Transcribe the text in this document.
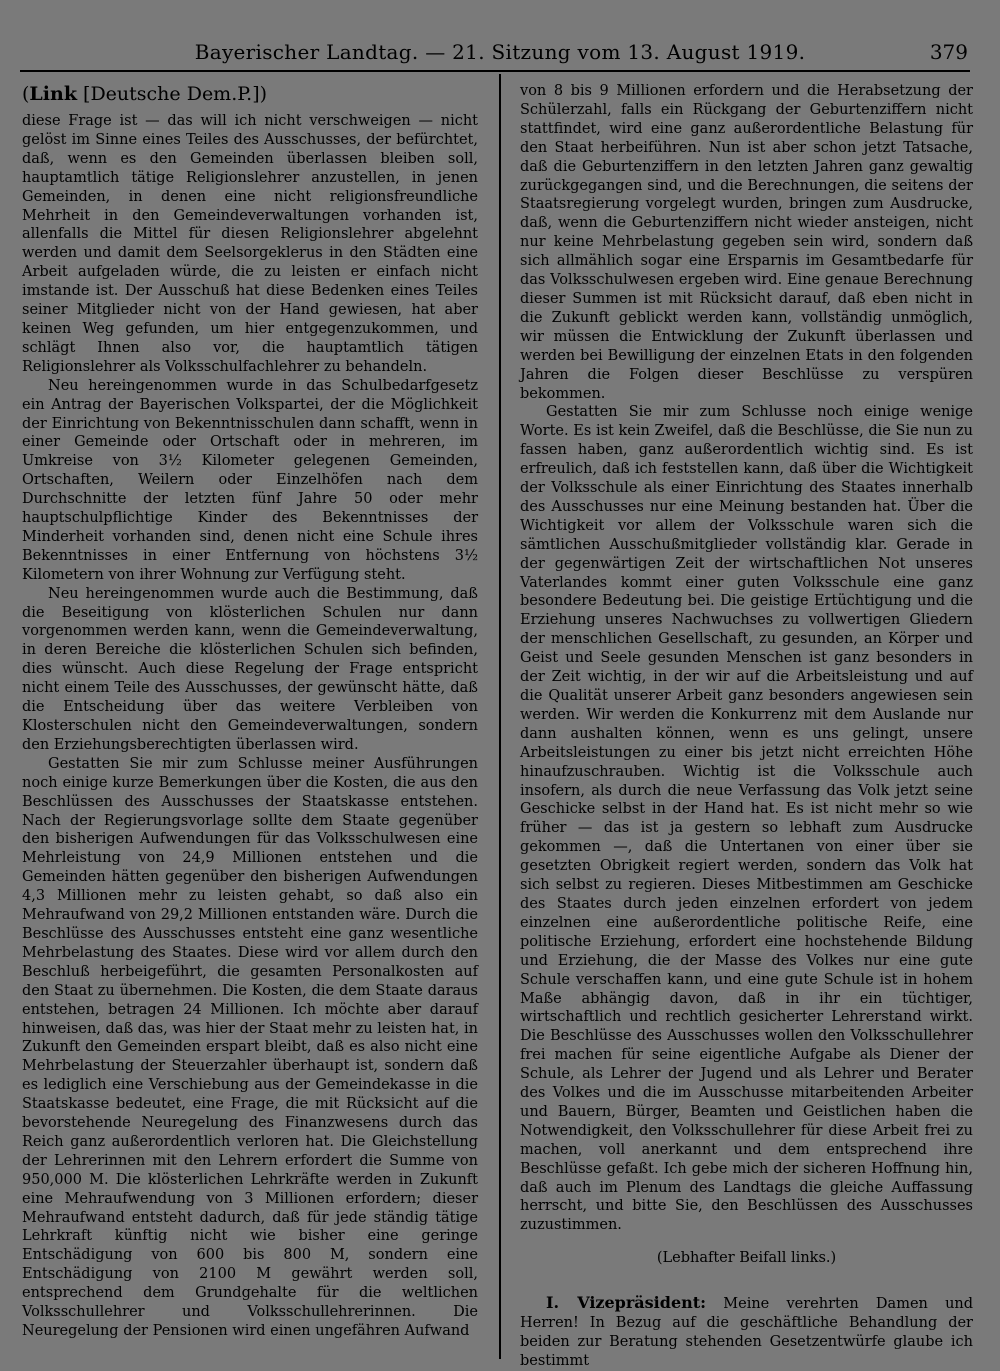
Bayerischer Landtag. — 21. Sitzung vom 13. August 1919.	379
(Link [Deutsche Dem.P.])

diese Frage ist — das will ich nicht verschweigen — nicht gelöst im Sinne eines Teiles des Ausschusses, der befürchtet, daß, wenn es den Gemeinden überlassen bleiben soll, hauptamtlich tätige Religionslehrer anzustellen, in jenen Gemeinden, in denen eine nicht religionsfreundliche Mehrheit in den Gemeindeverwaltungen vorhanden ist, allenfalls die Mittel für diesen Religionslehrer abgelehnt werden und damit dem Seelsorgeklerus in den Städten eine Arbeit aufgeladen würde, die zu leisten er einfach nicht imstande ist. Der Ausschuß hat diese Bedenken eines Teiles seiner Mitglieder nicht von der Hand gewiesen, hat aber keinen Weg gefunden, um hier entgegenzukommen, und schlägt Ihnen also vor, die hauptamtlich tätigen Religionslehrer als Volksschulfachlehrer zu behandeln.

Neu hereingenommen wurde in das Schulbedarfgesetz ein Antrag der Bayerischen Volkspartei, der die Möglichkeit der Einrichtung von Bekenntnisschulen dann schafft, wenn in einer Gemeinde oder Ortschaft oder in mehreren, im Umkreise von 3½ Kilometer gelegenen Gemeinden, Ortschaften, Weilern oder Einzelhöfen nach dem Durchschnitte der letzten fünf Jahre 50 oder mehr hauptschulpflichtige Kinder des Bekenntnisses der Minderheit vorhanden sind, denen nicht eine Schule ihres Bekenntnisses in einer Entfernung von höchstens 3½ Kilometern von ihrer Wohnung zur Verfügung steht.

Neu hereingenommen wurde auch die Bestimmung, daß die Beseitigung von klösterlichen Schulen nur dann vorgenommen werden kann, wenn die Gemeindeverwaltung, in deren Bereiche die klösterlichen Schulen sich befinden, dies wünscht. Auch diese Regelung der Frage entspricht nicht einem Teile des Ausschusses, der gewünscht hätte, daß die Entscheidung über das weitere Verbleiben von Klosterschulen nicht den Gemeindeverwaltungen, sondern den Erziehungsberechtigten überlassen wird.

Gestatten Sie mir zum Schlusse meiner Ausführungen noch einige kurze Bemerkungen über die Kosten, die aus den Beschlüssen des Ausschusses der Staatskasse entstehen. Nach der Regierungsvorlage sollte dem Staate gegenüber den bisherigen Aufwendungen für das Volksschulwesen eine Mehrleistung von 24,9 Millionen entstehen und die Gemeinden hätten gegenüber den bisherigen Aufwendungen 4,3 Millionen mehr zu leisten gehabt, so daß also ein Mehraufwand von 29,2 Millionen entstanden wäre. Durch die Beschlüsse des Ausschusses entsteht eine ganz wesentliche Mehrbelastung des Staates. Diese wird vor allem durch den Beschluß herbeigeführt, die gesamten Personalkosten auf den Staat zu übernehmen. Die Kosten, die dem Staate daraus entstehen, betragen 24 Millionen. Ich möchte aber darauf hinweisen, daß das, was hier der Staat mehr zu leisten hat, in Zukunft den Gemeinden erspart bleibt, daß es also nicht eine Mehrbelastung der Steuerzahler überhaupt ist, sondern daß es lediglich eine Verschiebung aus der Gemeindekasse in die Staatskasse bedeutet, eine Frage, die mit Rücksicht auf die bevorstehende Neuregelung des Finanzwesens durch das Reich ganz außerordentlich verloren hat. Die Gleichstellung der Lehrerinnen mit den Lehrern erfordert die Summe von 950,000 M. Die klösterlichen Lehrkräfte werden in Zukunft eine Mehraufwendung von 3 Millionen erfordern; dieser Mehraufwand entsteht dadurch, daß für jede ständig tätige Lehrkraft künftig nicht wie bisher eine geringe Entschädigung von 600 bis 800 M, sondern eine Entschädigung von 2100 M gewährt werden soll, entsprechend dem Grundgehalte für die weltlichen Volksschullehrer und Volksschullehrerinnen. Die Neuregelung der Pensionen wird einen ungefähren Aufwand

von 8 bis 9 Millionen erfordern und die Herabsetzung der Schülerzahl, falls ein Rückgang der Geburtenziffern nicht stattfindet, wird eine ganz außerordentliche Belastung für den Staat herbeiführen. Nun ist aber schon jetzt Tatsache, daß die Geburtenziffern in den letzten Jahren ganz gewaltig zurückgegangen sind, und die Berechnungen, die seitens der Staatsregierung vorgelegt wurden, bringen zum Ausdrucke, daß, wenn die Geburtenziffern nicht wieder ansteigen, nicht nur keine Mehrbelastung gegeben sein wird, sondern daß sich allmählich sogar eine Ersparnis im Gesamtbedarfe für das Volksschulwesen ergeben wird. Eine genaue Berechnung dieser Summen ist mit Rücksicht darauf, daß eben nicht in die Zukunft geblickt werden kann, vollständig unmöglich, wir müssen die Entwicklung der Zukunft überlassen und werden bei Bewilligung der einzelnen Etats in den folgenden Jahren die Folgen dieser Beschlüsse zu verspüren bekommen.

Gestatten Sie mir zum Schlusse noch einige wenige Worte. Es ist kein Zweifel, daß die Beschlüsse, die Sie nun zu fassen haben, ganz außerordentlich wichtig sind. Es ist erfreulich, daß ich feststellen kann, daß über die Wichtigkeit der Volksschule als einer Einrichtung des Staates innerhalb des Ausschusses nur eine Meinung bestanden hat. Über die Wichtigkeit vor allem der Volksschule waren sich die sämtlichen Ausschußmitglieder vollständig klar. Gerade in der gegenwärtigen Zeit der wirtschaftlichen Not unseres Vaterlandes kommt einer guten Volksschule eine ganz besondere Bedeutung bei. Die geistige Ertüchtigung und die Erziehung unseres Nachwuchses zu vollwertigen Gliedern der menschlichen Gesellschaft, zu gesunden, an Körper und Geist und Seele gesunden Menschen ist ganz besonders in der Zeit wichtig, in der wir auf die Arbeitsleistung und auf die Qualität unserer Arbeit ganz besonders angewiesen sein werden. Wir werden die Konkurrenz mit dem Auslande nur dann aushalten können, wenn es uns gelingt, unsere Arbeitsleistungen zu einer bis jetzt nicht erreichten Höhe hinaufzuschrauben. Wichtig ist die Volksschule auch insofern, als durch die neue Verfassung das Volk jetzt seine Geschicke selbst in der Hand hat. Es ist nicht mehr so wie früher — das ist ja gestern so lebhaft zum Ausdrucke gekommen —, daß die Untertanen von einer über sie gesetzten Obrigkeit regiert werden, sondern das Volk hat sich selbst zu regieren. Dieses Mitbestimmen am Geschicke des Staates durch jeden einzelnen erfordert von jedem einzelnen eine außerordentliche politische Reife, eine politische Erziehung, erfordert eine hochstehende Bildung und Erziehung, die der Masse des Volkes nur eine gute Schule verschaffen kann, und eine gute Schule ist in hohem Maße abhängig davon, daß in ihr ein tüchtiger, wirtschaftlich und rechtlich gesicherter Lehrerstand wirkt. Die Beschlüsse des Ausschusses wollen den Volksschullehrer frei machen für seine eigentliche Aufgabe als Diener der Schule, als Lehrer der Jugend und als Lehrer und Berater des Volkes und die im Ausschusse mitarbeitenden Arbeiter und Bauern, Bürger, Beamten und Geistlichen haben die Notwendigkeit, den Volksschullehrer für diese Arbeit frei zu machen, voll anerkannt und dem entsprechend ihre Beschlüsse gefaßt. Ich gebe mich der sicheren Hoffnung hin, daß auch im Plenum des Landtags die gleiche Auffassung herrscht, und bitte Sie, den Beschlüssen des Ausschusses zuzustimmen.

(Lebhafter Beifall links.)

I. Vizepräsident: Meine verehrten Damen und Herren! In Bezug auf die geschäftliche Behandlung der beiden zur Beratung stehenden Gesetzentwürfe glaube ich bestimmt
